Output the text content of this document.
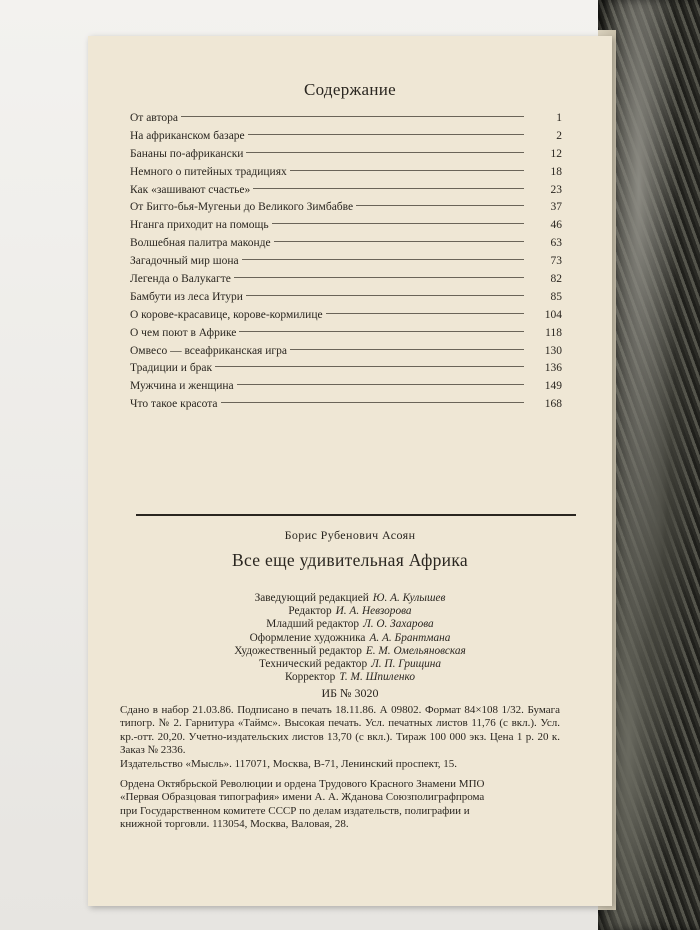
Содержание
От автора	1
На африканском базаре	2
Бананы по-африкански	12
Немного о питейных традициях	18
Как «зашивают счастье»	23
От Бигго-бья-Мугеньи до Великого Зимбабве	37
Нганга приходит на помощь	46
Волшебная палитра маконде	63
Загадочный мир шона	73
Легенда о Валукагте	82
Бамбути из леса Итури	85
О корове-красавице, корове-кормилице	104
О чем поют в Африке	118
Омвесо — всеафриканская игра	130
Традиции и брак	136
Мужчина и женщина	149
Что такое красота	168
Борис Рубенович Асоян
Все еще удивительная Африка
Заведующий редакцией Ю. А. Кулышев
Редактор И. А. Невзорова
Младший редактор Л. О. Захарова
Оформление художника А. А. Брантмана
Художественный редактор Е. М. Омельяновская
Технический редактор Л. П. Грищина
Корректор Т. М. Шпиленко
ИБ № 3020

Сдано в набор 21.03.86. Подписано в печать 18.11.86. А 09802. Формат 84×108 1/32. Бумага типогр. № 2. Гарнитура «Таймс». Высокая печать. Усл. печатных листов 11,76 (с вкл.). Усл. кр.-отт. 20,20. Учетно-издательских листов 13,70 (с вкл.). Тираж 100 000 экз. Цена 1 р. 20 к. Заказ № 2336.

Издательство «Мысль». 117071, Москва, В-71, Ленинский проспект, 15.

Ордена Октябрьской Революции и ордена Трудового Красного Знамени МПО
«Первая Образцовая типография» имени А. А. Жданова Союзполиграфпрома
при Государственном комитете СССР по делам издательств, полиграфии и
книжной торговли. 113054, Москва, Валовая, 28.
